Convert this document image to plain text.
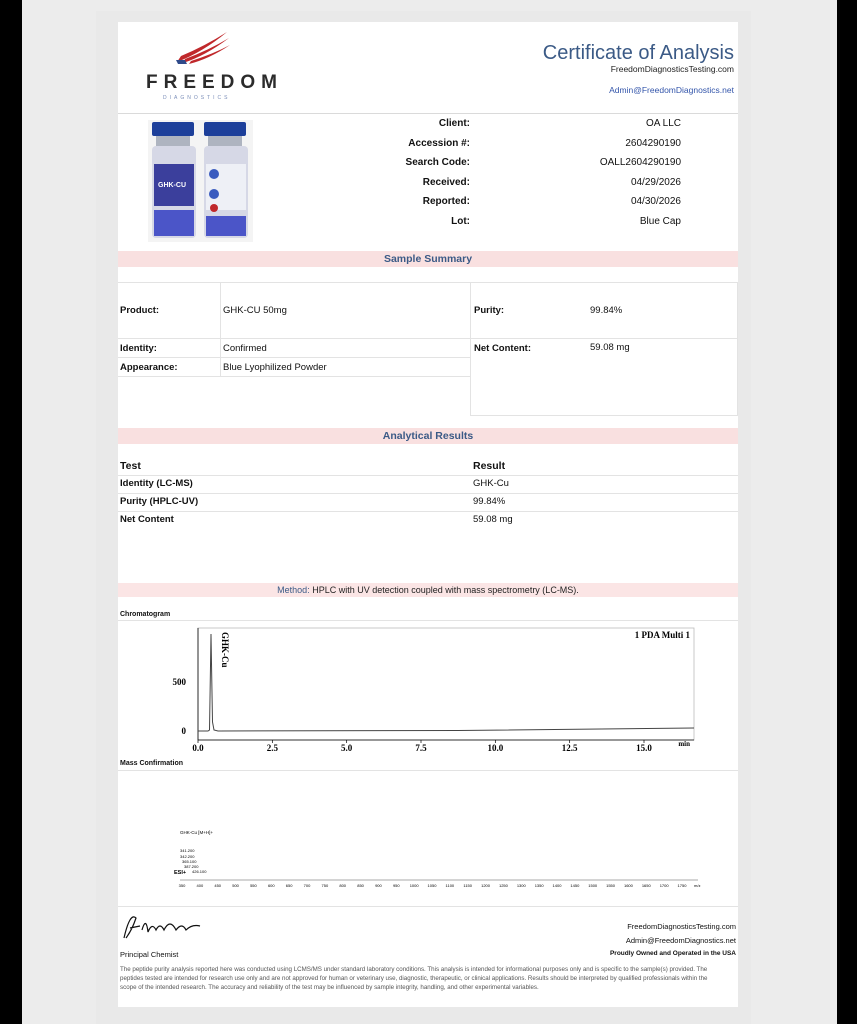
FREEDOM
DIAGNOSTICS
Certificate of Analysis
FreedomDiagnosticsTesting.com
Admin@FreedomDiagnostics.net
GHK-CU
Client:	OA LLC
Accession #:	2604290190
Search Code:	OALL2604290190
Received:	04/29/2026
Reported:	04/30/2026
Lot:	Blue Cap
Sample Summary
Product:	GHK-CU 50mg	Purity:	99.84%
Identity:	Confirmed	Net Content:	59.08 mg
Appearance:	Blue Lyophilized Powder
Analytical Results
Test	Result
Identity (LC-MS)	GHK-Cu
Purity (HPLC-UV)	99.84%
Net Content	59.08 mg
Method: HPLC with UV detection coupled with mass spectrometry (LC-MS).
Chromatogram
0.0	2.5	5.0	7.5	10.0	12.5	15.0
500
0
min
1 PDA Multi 1
GHK-Cu
Mass Confirmation
GHK-Cu [M+H]+
341.200
342.200
365.100
387.200
426.100
ESI+
350	400	450	500	550	600	650	700	750	800	850	900	950	1000 1050 1100 1150 1200 1250 1300 1350 1400 1450 1500 1550 1600 1650 1700 1750 m/z
Principal Chemist
FreedomDiagnosticsTesting.com
Admin@FreedomDiagnostics.net
Proudly Owned and Operated in the USA
The peptide purity analysis reported here was conducted using LCMS/MS under standard laboratory conditions. This analysis is intended for informational purposes only and is specific to the sample(s) provided. The peptides tested are intended for research use only and are not approved for human or veterinary use, diagnostic, therapeutic, or clinical applications. Results should be interpreted by qualified professionals within the scope of the intended research. The accuracy and reliability of the test may be influenced by sample integrity, handling, and other experimental variables.
